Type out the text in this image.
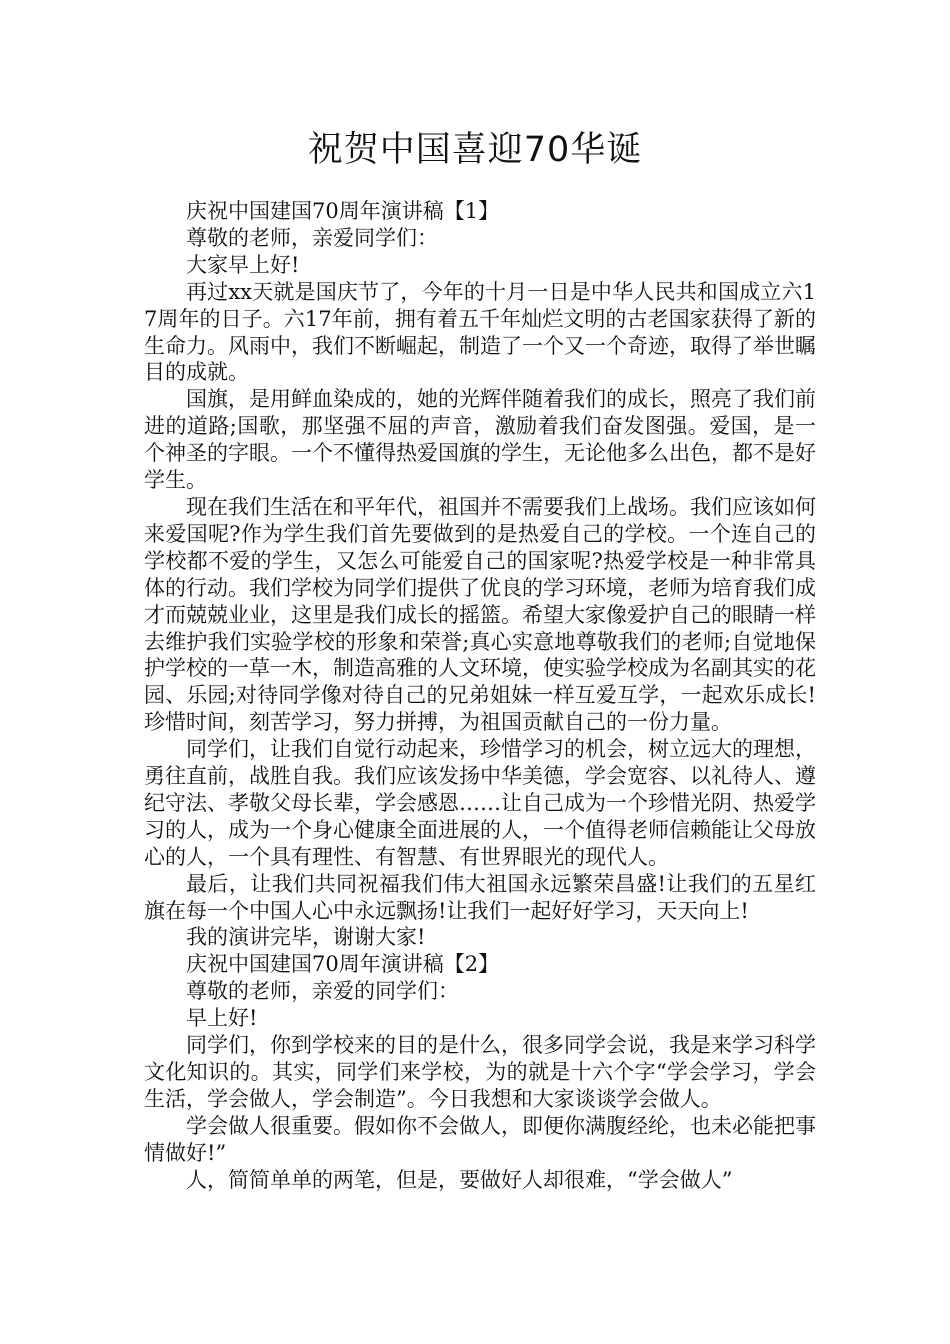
祝贺中国喜迎70华诞

庆祝中国建国70周年演讲稿【1】

尊敬的老师，亲爱同学们：

大家早上好!

再过xx天就是国庆节了，今年的十月一日是中华人民共和国成立六17周年的日子。六17年前，拥有着五千年灿烂文明的古老国家获得了新的生命力。风雨中，我们不断崛起，制造了一个又一个奇迹，取得了举世瞩目的成就。

国旗，是用鲜血染成的，她的光辉伴随着我们的成长，照亮了我们前进的道路;国歌，那坚强不屈的声音，激励着我们奋发图强。爱国，是一个神圣的字眼。一个不懂得热爱国旗的学生，无论他多么出色，都不是好学生。

现在我们生活在和平年代，祖国并不需要我们上战场。我们应该如何来爱国呢?作为学生我们首先要做到的是热爱自己的学校。一个连自己的学校都不爱的学生，又怎么可能爱自己的国家呢?热爱学校是一种非常具体的行动。我们学校为同学们提供了优良的学习环境，老师为培育我们成才而兢兢业业，这里是我们成长的摇篮。希望大家像爱护自己的眼睛一样去维护我们实验学校的形象和荣誉;真心实意地尊敬我们的老师;自觉地保护学校的一草一木，制造高雅的人文环境，使实验学校成为名副其实的花园、乐园;对待同学像对待自己的兄弟姐妹一样互爱互学，一起欢乐成长!珍惜时间，刻苦学习，努力拼搏，为祖国贡献自己的一份力量。

同学们，让我们自觉行动起来，珍惜学习的机会，树立远大的理想，勇往直前，战胜自我。我们应该发扬中华美德，学会宽容、以礼待人、遵纪守法、孝敬父母长辈，学会感恩……让自己成为一个珍惜光阴、热爱学习的人，成为一个身心健康全面进展的人，一个值得老师信赖能让父母放心的人，一个具有理性、有智慧、有世界眼光的现代人。

最后，让我们共同祝福我们伟大祖国永远繁荣昌盛!让我们的五星红旗在每一个中国人心中永远飘扬!让我们一起好好学习，天天向上!

我的演讲完毕，谢谢大家!

庆祝中国建国70周年演讲稿【2】

尊敬的老师，亲爱的同学们：

早上好!

同学们，你到学校来的目的是什么，很多同学会说，我是来学习科学文化知识的。其实，同学们来学校，为的就是十六个字“学会学习，学会生活，学会做人，学会制造”。今日我想和大家谈谈学会做人。

学会做人很重要。假如你不会做人，即便你满腹经纶，也未必能把事情做好!”

人，简简单单的两笔，但是，要做好人却很难，“学会做人”
